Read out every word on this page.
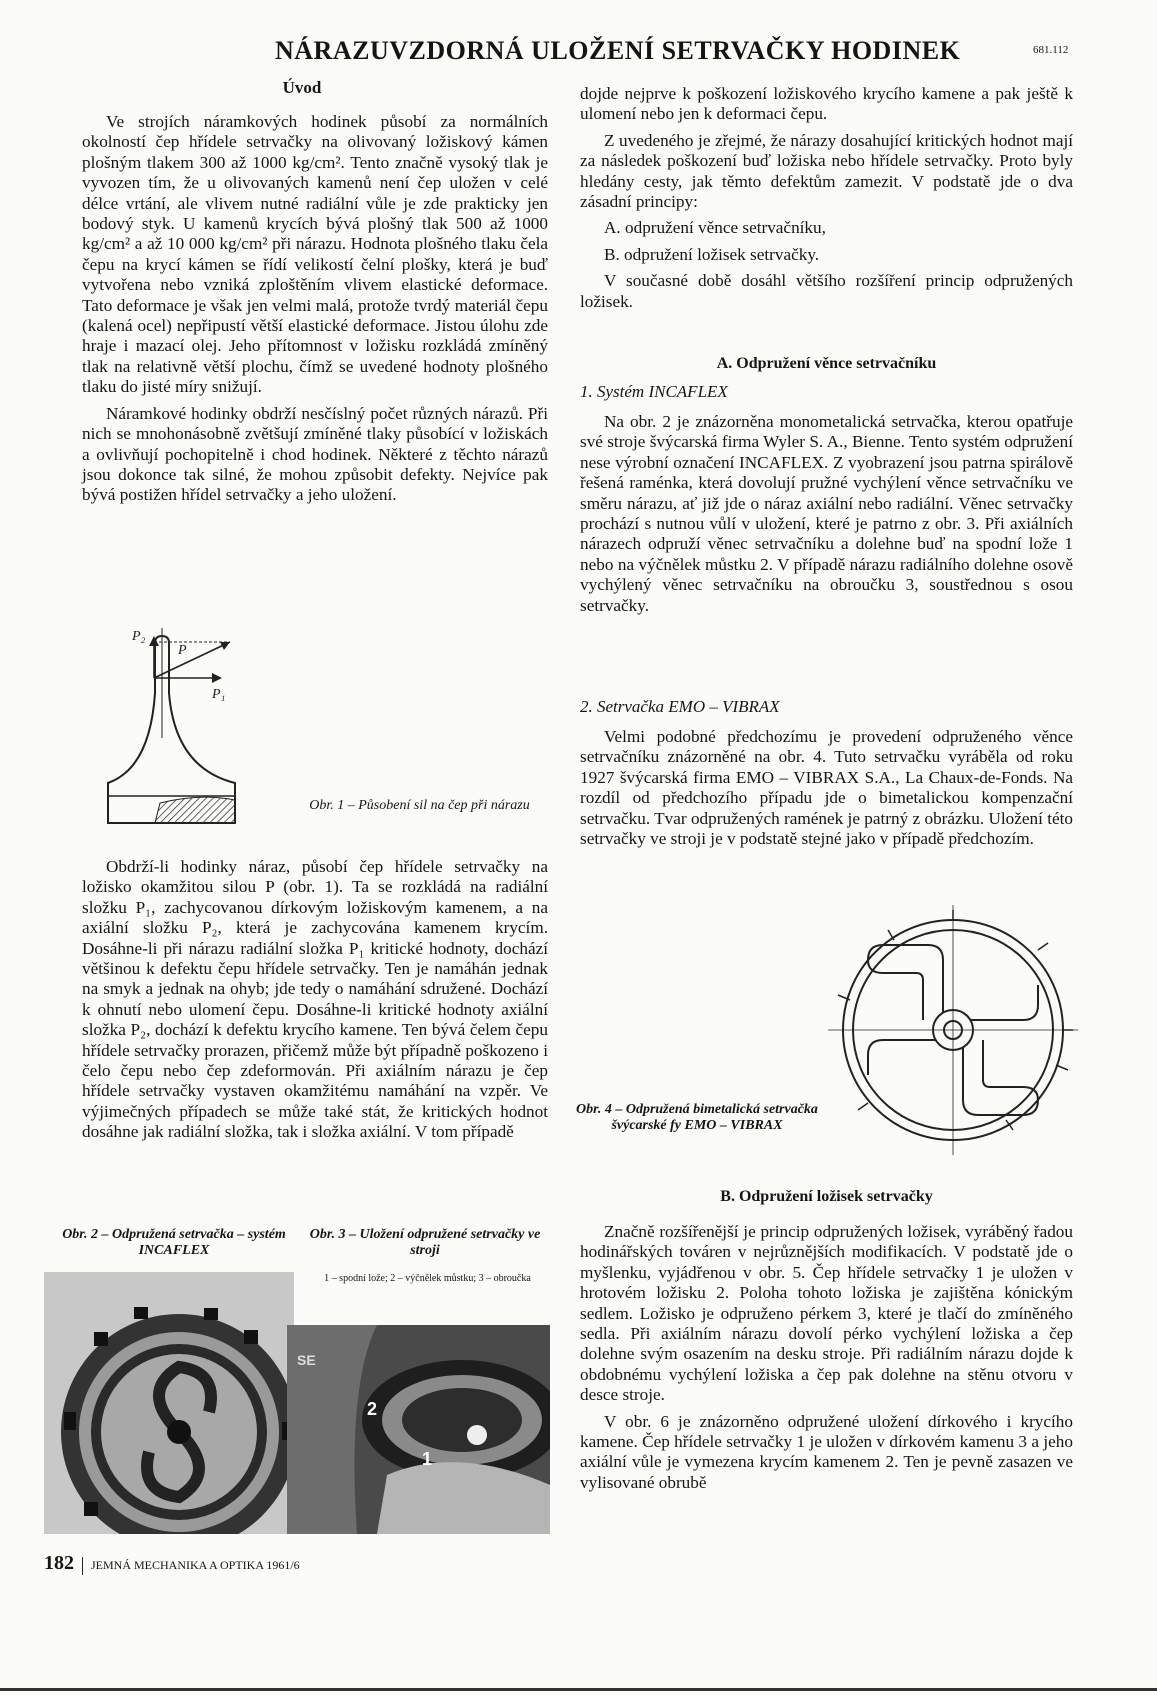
NÁRAZUVZDORNÁ ULOŽENÍ SETRVAČKY HODINEK	681.112
Úvod

Ve strojích náramkových hodinek působí za normálních okolností čep hřídele setrvačky na olivovaný ložiskový kámen plošným tlakem 300 až 1000 kg/cm². Tento značně vysoký tlak je vyvozen tím, že u olivovaných kamenů není čep uložen v celé délce vrtání, ale vlivem nutné radiální vůle je zde prakticky jen bodový styk. U kamenů krycích bývá plošný tlak 500 až 1000 kg/cm² a až 10 000 kg/cm² při nárazu. Hodnota plošného tlaku čela čepu na krycí kámen se řídí velikostí čelní plošky, která je buď vytvořena nebo vzniká zploštěním vlivem elastické deformace. Tato deformace je však jen velmi malá, protože tvrdý materiál čepu (kalená ocel) nepřipustí větší elastické deformace. Jistou úlohu zde hraje i mazací olej. Jeho přítomnost v ložisku rozkládá zmíněný tlak na relativně větší plochu, čímž se uvedené hodnoty plošného tlaku do jisté míry snižují.

Náramkové hodinky obdrží nesčíslný počet různých nárazů. Při nich se mnohonásobně zvětšují zmíněné tlaky působící v ložiskách a ovlivňují pochopitelně i chod hodinek. Některé z těchto nárazů jsou dokonce tak silné, že mohou způsobit defekty. Nejvíce pak bývá postižen hřídel setrvačky a jeho uložení.

P
P₁
P₂
Obr. 1 – Působení sil na čep při nárazu

Obdrží-li hodinky náraz, působí čep hřídele setrvačky na ložisko okamžitou silou P (obr. 1). Ta se rozkládá na radiální složku P₁, zachycovanou dírkovým ložiskovým kamenem, a na axiální složku P₂, která je zachycována kamenem krycím. Dosáhne-li při nárazu radiální složka P₁ kritické hodnoty, dochází většinou k defektu čepu hřídele setrvačky. Ten je namáhán jednak na smyk a jednak na ohyb; jde tedy o namáhání sdružené. Dochází k ohnutí nebo ulomení čepu. Dosáhne-li kritické hodnoty axiální složka P₂, dochází k defektu krycího kamene. Ten bývá čelem čepu hřídele setrvačky prorazen, přičemž může být případně poškozeno i čelo čepu nebo čep zdeformován. Při axiálním nárazu je čep hřídele setrvačky vystaven okamžitému namáhání na vzpěr. Ve výjimečných případech se může také stát, že kritických hodnot dosáhne jak radiální složka, tak i složka axiální. V tom případě

Obr. 2 – Odpružená setrvačka – systém INCAFLEX
Obr. 3 – Uložení odpružené setrvačky ve stroji
1 – spodní lože; 2 – výčnělek můstku; 3 – obroučka
2
1
SE
182 JEMNÁ MECHANIKA A OPTIKA 1961/6

dojde nejprve k poškození ložiskového krycího kamene a pak ještě k ulomení nebo jen k deformaci čepu.

Z uvedeného je zřejmé, že nárazy dosahující kritických hodnot mají za následek poškození buď ložiska nebo hřídele setrvačky. Proto byly hledány cesty, jak těmto defektům zamezit. V podstatě jde o dva zásadní principy:

A. odpružení věnce setrvačníku,

B. odpružení ložisek setrvačky.

V současné době dosáhl většího rozšíření princip odpružených ložisek.

A. Odpružení věnce setrvačníku
1. Systém INCAFLEX

Na obr. 2 je znázorněna monometalická setrvačka, kterou opatřuje své stroje švýcarská firma Wyler S. A., Bienne. Tento systém odpružení nese výrobní označení INCAFLEX. Z vyobrazení jsou patrna spirálově řešená raménka, která dovolují pružné vychýlení věnce setrvačníku ve směru nárazu, ať již jde o náraz axiální nebo radiální. Věnec setrvačky prochází s nutnou vůlí v uložení, které je patrno z obr. 3. Při axiálních nárazech odpruží věnec setrvačníku a dolehne buď na spodní lože 1 nebo na výčnělek můstku 2. V případě nárazu radiálního dolehne osově vychýlený věnec setrvačníku na obroučku 3, soustřednou s osou setrvačky.

2. Setrvačka EMO – VIBRAX

Velmi podobné předchozímu je provedení odpruženého věnce setrvačníku znázorněné na obr. 4. Tuto setrvačku vyráběla od roku 1927 švýcarská firma EMO – VIBRAX S.A., La Chaux-de-Fonds. Na rozdíl od předchozího případu jde o bimetalickou kompenzační setrvačku. Tvar odpružených ramének je patrný z obrázku. Uložení této setrvačky ve stroji je v podstatě stejné jako v případě předchozím.

Obr. 4 – Odpružená bimetalická setrvačka švýcarské fy EMO – VIBRAX
B. Odpružení ložisek setrvačky

Značně rozšířenější je princip odpružených ložisek, vyráběný řadou hodinářských továren v nejrůznějších modifikacích. V podstatě jde o myšlenku, vyjádřenou v obr. 5. Čep hřídele setrvačky 1 je uložen v hrotovém ložisku 2. Poloha tohoto ložiska je zajištěna kónickým sedlem. Ložisko je odpruženo pérkem 3, které je tlačí do zmíněného sedla. Při axiálním nárazu dovolí pérko vychýlení ložiska a čep dolehne svým osazením na desku stroje. Při radiálním nárazu dojde k obdobnému vychýlení ložiska a čep pak dolehne na stěnu otvoru v desce stroje.

V obr. 6 je znázorněno odpružené uložení dírkového i krycího kamene. Čep hřídele setrvačky 1 je uložen v dírkovém kamenu 3 a jeho axiální vůle je vymezena krycím kamenem 2. Ten je pevně zasazen ve vylisované obrubě
